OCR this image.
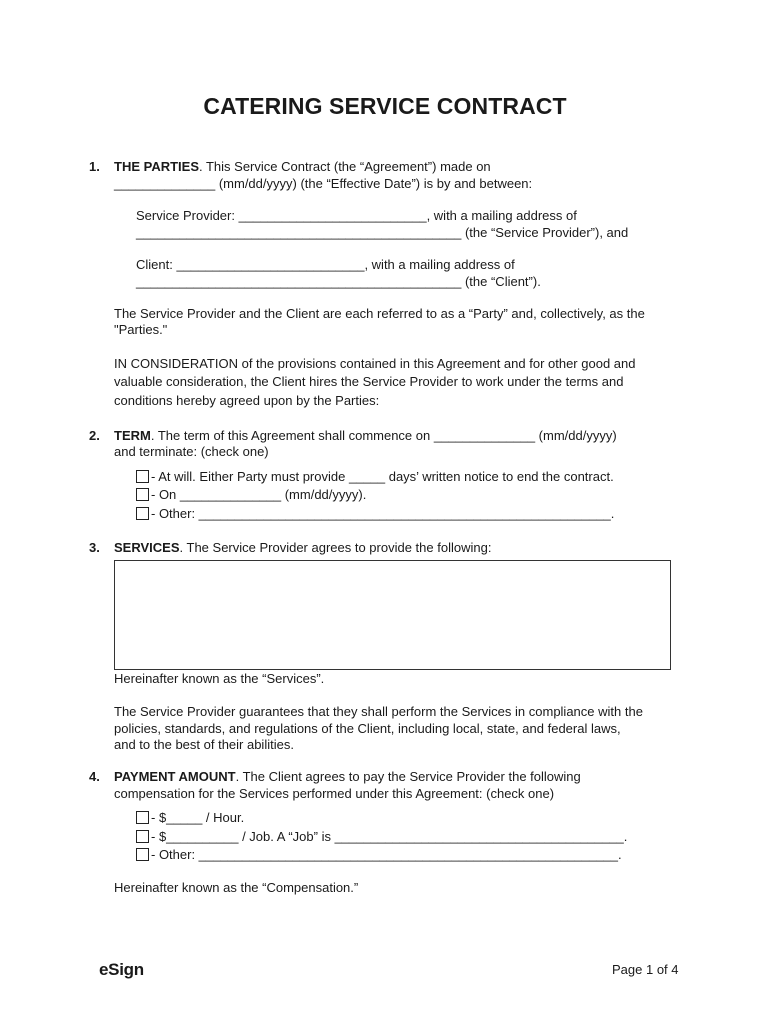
CATERING SERVICE CONTRACT
1. THE PARTIES. This Service Contract (the “Agreement”) made on
______________ (mm/dd/yyyy) (the “Effective Date”) is by and between:
Service Provider: __________________________, with a mailing address of
_____________________________________________ (the “Service Provider”), and
Client: __________________________, with a mailing address of
_____________________________________________ (the “Client”).
The Service Provider and the Client are each referred to as a “Party” and, collectively, as the
"Parties."
IN CONSIDERATION of the provisions contained in this Agreement and for other good and
valuable consideration, the Client hires the Service Provider to work under the terms and
conditions hereby agreed upon by the Parties:
2. TERM. The term of this Agreement shall commence on ______________ (mm/dd/yyyy)
and terminate: (check one)
- At will. Either Party must provide _____ days’ written notice to end the contract.
- On ______________ (mm/dd/yyyy).
- Other: _________________________________________________________.
3. SERVICES. The Service Provider agrees to provide the following:
Hereinafter known as the “Services”.
The Service Provider guarantees that they shall perform the Services in compliance with the
policies, standards, and regulations of the Client, including local, state, and federal laws,
and to the best of their abilities.
4. PAYMENT AMOUNT. The Client agrees to pay the Service Provider the following
compensation for the Services performed under this Agreement: (check one)
- $_____ / Hour.
- $__________ / Job. A “Job” is ________________________________________.
- Other: __________________________________________________________.
Hereinafter known as the “Compensation.”
eSign	Page 1 of 4
